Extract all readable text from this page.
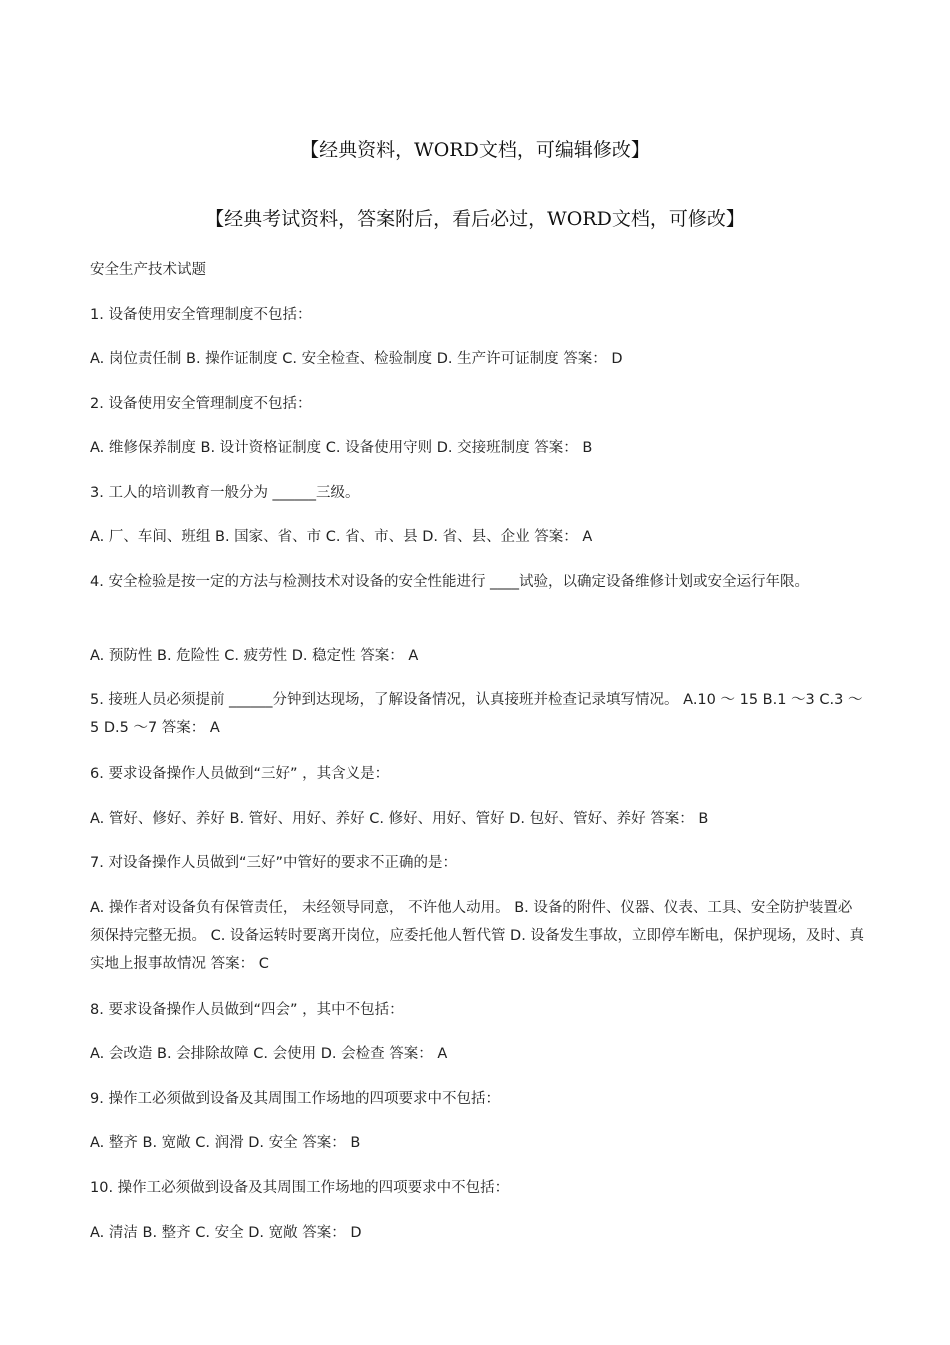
【经典资料，WORD文档，可编辑修改】
【经典考试资料，答案附后，看后必过，WORD文档，可修改】
安全生产技术试题
1. 设备使用安全管理制度不包括：
A. 岗位责任制 B. 操作证制度 C. 安全检查、检验制度 D. 生产许可证制度 答案： D
2. 设备使用安全管理制度不包括：
A. 维修保养制度 B. 设计资格证制度 C. 设备使用守则 D. 交接班制度 答案： B
3. 工人的培训教育一般分为 ______三级。
A. 厂、车间、班组 B. 国家、省、市 C. 省、市、县 D. 省、县、企业 答案： A
4. 安全检验是按一定的方法与检测技术对设备的安全性能进行 ____试验，以确定设备维修计划或安全运行年限。
A. 预防性 B. 危险性 C. 疲劳性 D. 稳定性 答案： A
5. 接班人员必须提前 ______分钟到达现场，了解设备情况，认真接班并检查记录填写情况。 A.10 ～ 15 B.1 ～3 C.3 ～5 D.5 ～7 答案： A
6. 要求设备操作人员做到“三好” ，其含义是：
A. 管好、修好、养好 B. 管好、用好、养好 C. 修好、用好、管好 D. 包好、管好、养好 答案： B
7. 对设备操作人员做到“三好”中管好的要求不正确的是：
A. 操作者对设备负有保管责任， 未经领导同意， 不许他人动用。 B. 设备的附件、仪器、仪表、工具、安全防护装置必须保持完整无损。 C. 设备运转时要离开岗位，应委托他人暂代管 D. 设备发生事故，立即停车断电，保护现场，及时、真实地上报事故情况 答案： C
8. 要求设备操作人员做到“四会” ，其中不包括：
A. 会改造 B. 会排除故障 C. 会使用 D. 会检查 答案： A
9. 操作工必须做到设备及其周围工作场地的四项要求中不包括：
A. 整齐 B. 宽敞 C. 润滑 D. 安全 答案： B
10. 操作工必须做到设备及其周围工作场地的四项要求中不包括：
A. 清洁 B. 整齐 C. 安全 D. 宽敞 答案： D
